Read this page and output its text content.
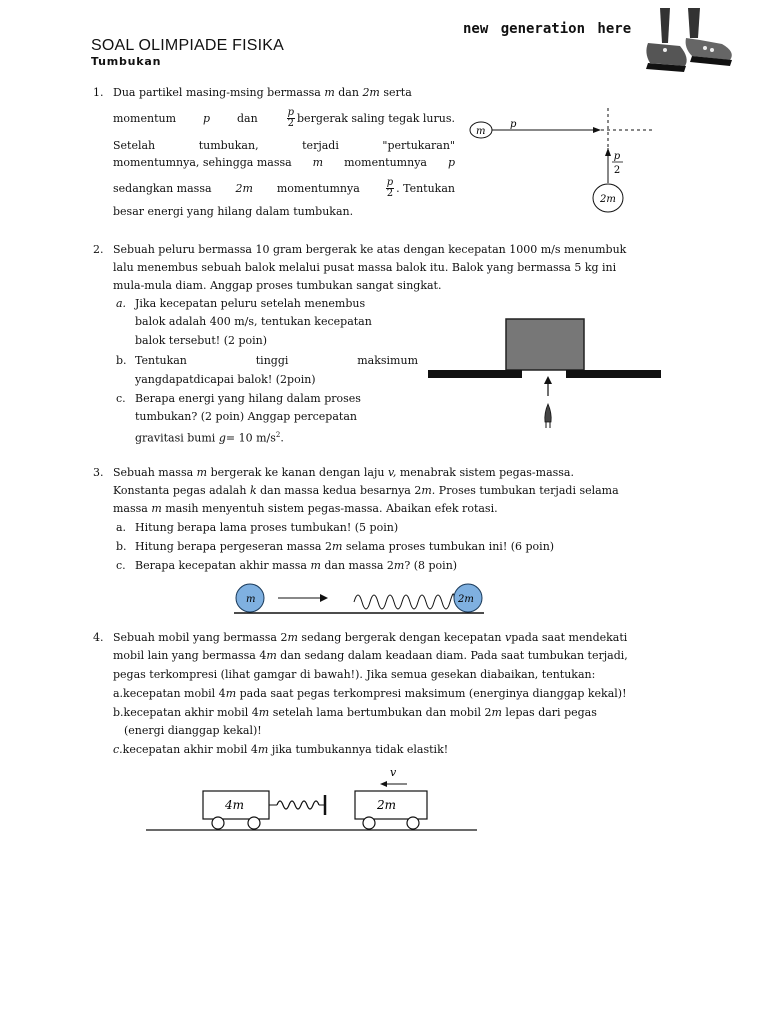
SOAL OLIMPIADE FISIKA
Tumbukan
new generation here
1. Dua partikel masing-msing bermassa m dan 2m serta
momentum p dan	$\frac{p}{2}$ bergerak saling tegak lurus.
Setelah	tumbukan,	terjadi	"pertukaran"
momentumnya, sehingga massa m momentumnya p
sedangkan massa 2m momentumnya	$\frac{p}{2}$ . Tentukan
besar energi yang hilang dalam tumbukan.
m
p
p
2
2m
2. Sebuah peluru bermassa 10 gram bergerak ke atas dengan kecepatan 1000 m/s menumbuk
lalu menembus sebuah balok melalui pusat massa balok itu. Balok yang bermassa 5 kg ini
mula-mula diam. Anggap proses tumbukan sangat singkat.
a. Jika kecepatan peluru setelah menembus
balok adalah 400 m/s, tentukan kecepatan
balok tersebut! (2 poin)
b. Tentukan	tinggi	maksimum
yangdapatdicapai balok! (2poin)
c. Berapa energi yang hilang dalam proses
tumbukan? (2 poin) Anggap percepatan
gravitasi bumi g= 10 $m/s^2$.
3. Sebuah massa m bergerak ke kanan dengan laju v, menabrak sistem pegas-massa.
Konstanta pegas adalah k dan massa kedua besarnya 2m. Proses tumbukan terjadi selama
massa m masih menyentuh sistem pegas-massa. Abaikan efek rotasi.
a. Hitung berapa lama proses tumbukan! (5 poin)
b. Hitung berapa pergeseran massa 2m selama proses tumbukan ini! (6 poin)
c. Berapa kecepatan akhir massa m dan massa 2m? (8 poin)
m	2m
4. Sebuah mobil yang bermassa 2m sedang bergerak dengan kecepatan vpada saat mendekati
mobil lain yang bermassa 4m dan sedang dalam keadaan diam. Pada saat tumbukan terjadi,
pegas terkompresi (lihat gamgar di bawah!). Jika semua gesekan diabaikan, tentukan:
a.kecepatan mobil 4m pada saat pegas terkompresi maksimum (energinya dianggap kekal)!
b.kecepatan akhir mobil 4m setelah lama bertumbukan dan mobil 2m lepas dari pegas
(energi dianggap kekal)!
c.kecepatan akhir mobil 4m jika tumbukannya tidak elastik!
v
4m	2m
